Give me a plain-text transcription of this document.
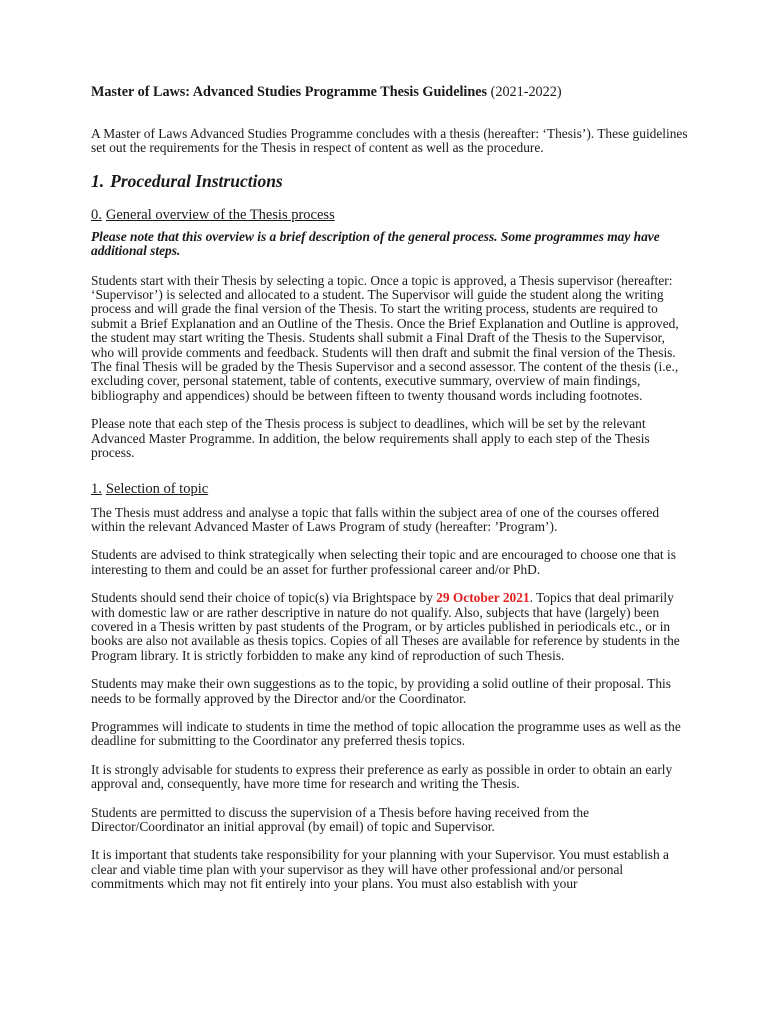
Master of Laws: Advanced Studies Programme Thesis Guidelines (2021-2022)

A Master of Laws Advanced Studies Programme concludes with a thesis (hereafter: ‘Thesis’). These guidelines set out the requirements for the Thesis in respect of content as well as the procedure.

1. Procedural Instructions
0. General overview of the Thesis process

Please note that this overview is a brief description of the general process. Some programmes may have additional steps.

Students start with their Thesis by selecting a topic. Once a topic is approved, a Thesis supervisor (hereafter: ‘Supervisor’) is selected and allocated to a student. The Supervisor will guide the student along the writing process and will grade the final version of the Thesis. To start the writing process, students are required to submit a Brief Explanation and an Outline of the Thesis. Once the Brief Explanation and Outline is approved, the student may start writing the Thesis. Students shall submit a Final Draft of the Thesis to the Supervisor, who will provide comments and feedback. Students will then draft and submit the final version of the Thesis. The final Thesis will be graded by the Thesis Supervisor and a second assessor. The content of the thesis (i.e., excluding cover, personal statement, table of contents, executive summary, overview of main findings, bibliography and appendices) should be between fifteen to twenty thousand words including footnotes.

Please note that each step of the Thesis process is subject to deadlines, which will be set by the relevant Advanced Master Programme. In addition, the below requirements shall apply to each step of the Thesis process.

1. Selection of topic

The Thesis must address and analyse a topic that falls within the subject area of one of the courses offered within the relevant Advanced Master of Laws Program of study (hereafter: ’Program’).

Students are advised to think strategically when selecting their topic and are encouraged to choose one that is interesting to them and could be an asset for further professional career and/or PhD.

Students should send their choice of topic(s) via Brightspace by 29 October 2021. Topics that deal primarily with domestic law or are rather descriptive in nature do not qualify. Also, subjects that have (largely) been covered in a Thesis written by past students of the Program, or by articles published in periodicals etc., or in books are also not available as thesis topics. Copies of all Theses are available for reference by students in the Program library. It is strictly forbidden to make any kind of reproduction of such Thesis.

Students may make their own suggestions as to the topic, by providing a solid outline of their proposal. This needs to be formally approved by the Director and/or the Coordinator.

Programmes will indicate to students in time the method of topic allocation the programme uses as well as the deadline for submitting to the Coordinator any preferred thesis topics.

It is strongly advisable for students to express their preference as early as possible in order to obtain an early approval and, consequently, have more time for research and writing the Thesis.

Students are permitted to discuss the supervision of a Thesis before having received from the Director/Coordinator an initial approval (by email) of topic and Supervisor.

It is important that students take responsibility for your planning with your Supervisor. You must establish a clear and viable time plan with your supervisor as they will have other professional and/or personal commitments which may not fit entirely into your plans. You must also establish with your
